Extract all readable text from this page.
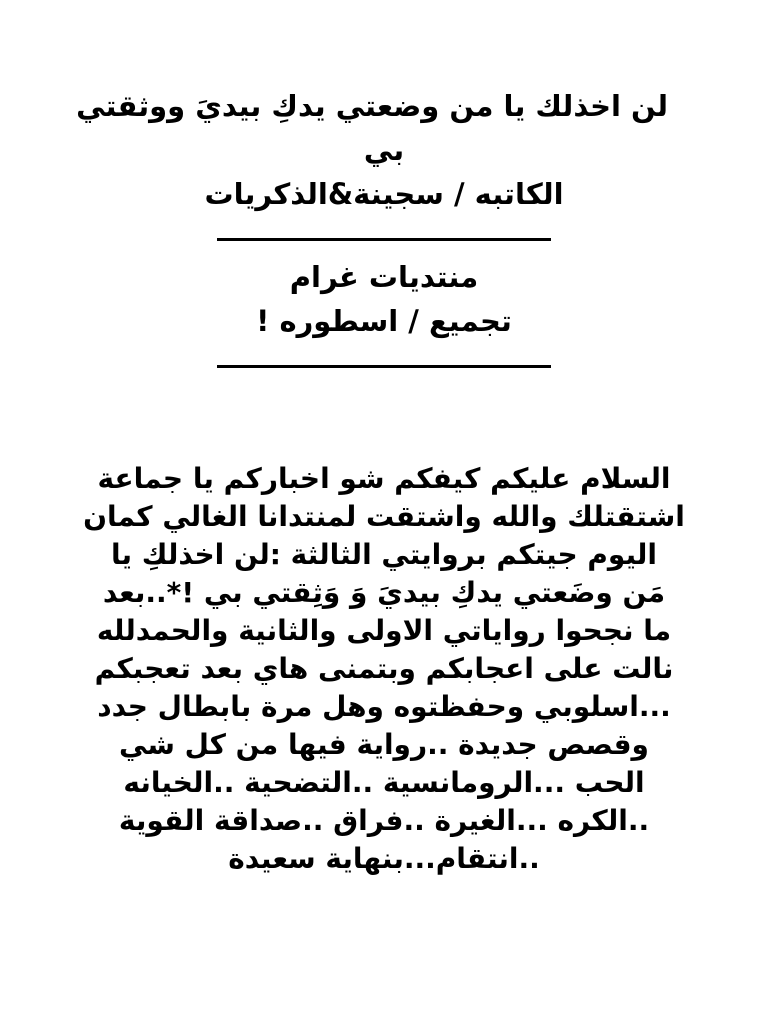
لن اخذلك يا من وضعتي يدكِ بيديَ ووثقتي
بي
الكاتبه / سجينة&الذكريات
منتديات غرام
تجميع / اسطوره !
السلام عليكم كيفكم شو اخباركم يا جماعة
اشتقتلك والله واشتقت لمنتدانا الغالي كمان
اليوم جيتكم بروايتي الثالثة :لن اخذلكِ يا
مَن وضَعتي يدكِ بيديَ وَ وَثِقتي بي !*..بعد
ما نجحوا رواياتي الاولى والثانية والحمدلله
نالت على اعجابكم وبتمنى هاي بعد تعجبكم
...اسلوبي وحفظتوه وهل مرة بابطال جدد
وقصص جديدة ..رواية فيها من كل شي
الحب ...الرومانسية ..التضحية ..الخيانه
..الكره ...الغيرة ..فراق ..صداقة القوية
..انتقام...بنهاية سعيدة
